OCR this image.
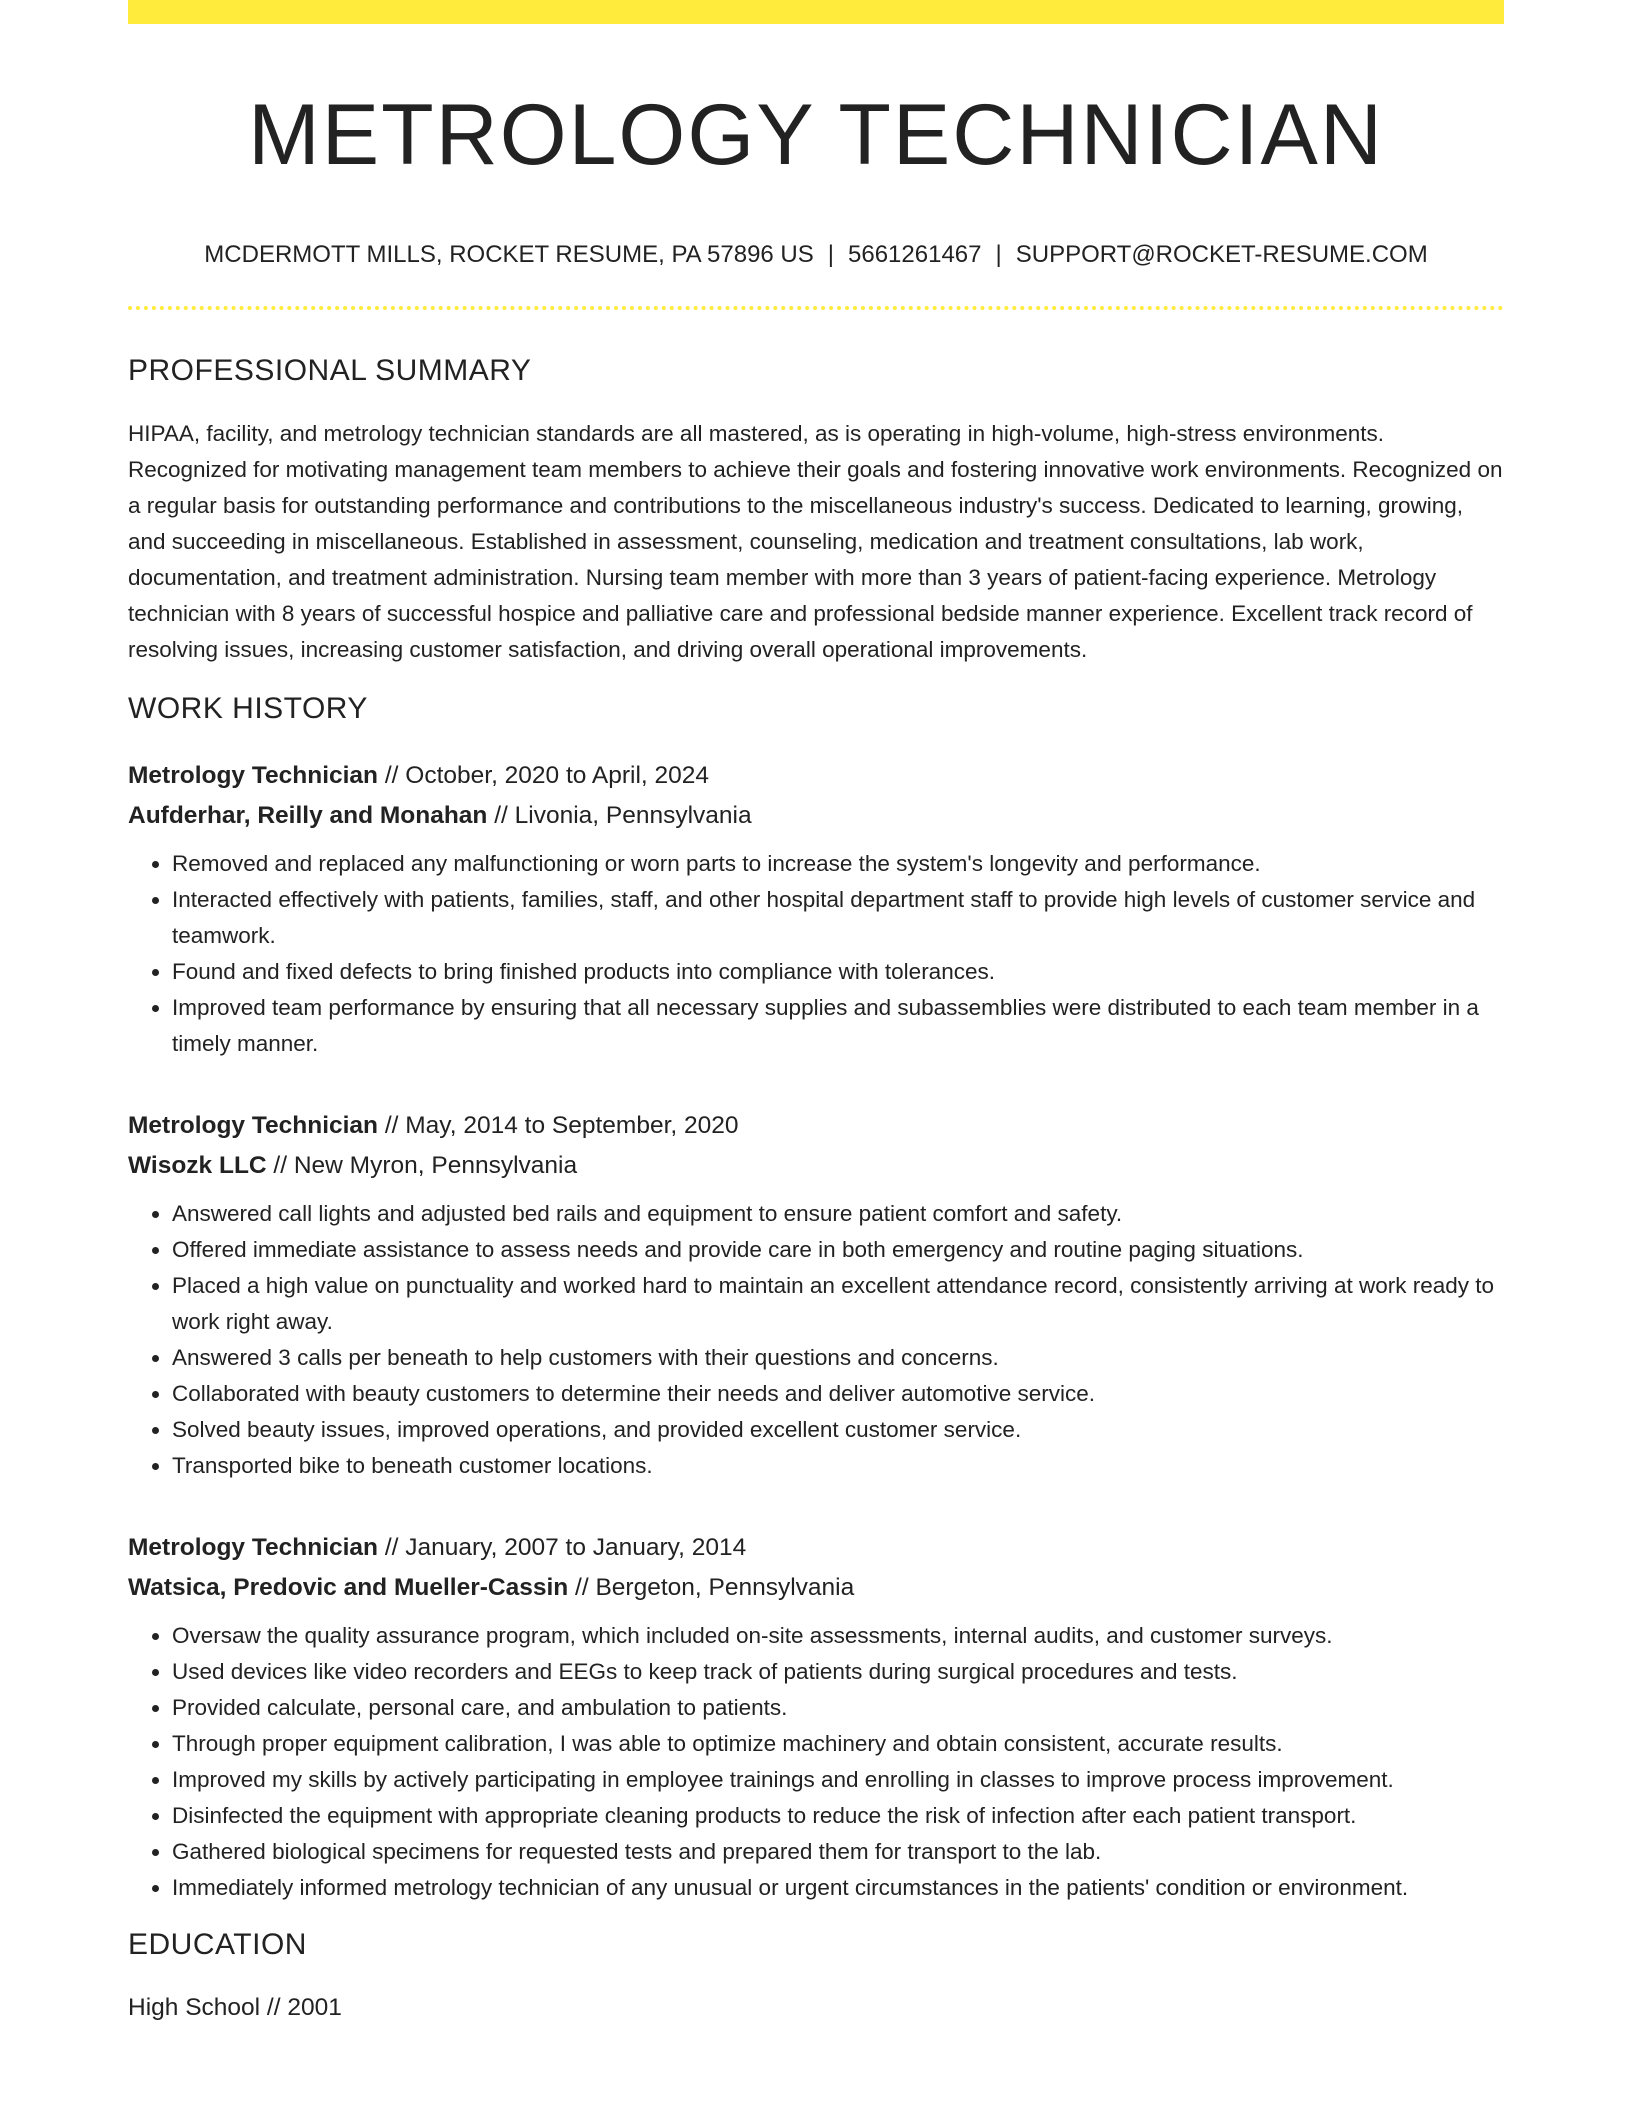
METROLOGY TECHNICIAN
MCDERMOTT MILLS, ROCKET RESUME, PA 57896 US | 5661261467 | SUPPORT@ROCKET-RESUME.COM
PROFESSIONAL SUMMARY

HIPAA, facility, and metrology technician standards are all mastered, as is operating in high-volume, high-stress environments. Recognized for motivating management team members to achieve their goals and fostering innovative work environments. Recognized on a regular basis for outstanding performance and contributions to the miscellaneous industry's success. Dedicated to learning, growing, and succeeding in miscellaneous. Established in assessment, counseling, medication and treatment consultations, lab work, documentation, and treatment administration. Nursing team member with more than 3 years of patient-facing experience. Metrology technician with 8 years of successful hospice and palliative care and professional bedside manner experience. Excellent track record of resolving issues, increasing customer satisfaction, and driving overall operational improvements.

WORK HISTORY
Metrology Technician // October, 2020 to April, 2024
Aufderhar, Reilly and Monahan // Livonia, Pennsylvania
• Removed and replaced any malfunctioning or worn parts to increase the system's longevity and performance.
• Interacted effectively with patients, families, staff, and other hospital department staff to provide high levels of customer service and teamwork.
• Found and fixed defects to bring finished products into compliance with tolerances.
• Improved team performance by ensuring that all necessary supplies and subassemblies were distributed to each team member in a timely manner.
Metrology Technician // May, 2014 to September, 2020
Wisozk LLC // New Myron, Pennsylvania
• Answered call lights and adjusted bed rails and equipment to ensure patient comfort and safety.
• Offered immediate assistance to assess needs and provide care in both emergency and routine paging situations.
• Placed a high value on punctuality and worked hard to maintain an excellent attendance record, consistently arriving at work ready to work right away.
• Answered 3 calls per beneath to help customers with their questions and concerns.
• Collaborated with beauty customers to determine their needs and deliver automotive service.
• Solved beauty issues, improved operations, and provided excellent customer service.
• Transported bike to beneath customer locations.
Metrology Technician // January, 2007 to January, 2014
Watsica, Predovic and Mueller-Cassin // Bergeton, Pennsylvania
• Oversaw the quality assurance program, which included on-site assessments, internal audits, and customer surveys.
• Used devices like video recorders and EEGs to keep track of patients during surgical procedures and tests.
• Provided calculate, personal care, and ambulation to patients.
• Through proper equipment calibration, I was able to optimize machinery and obtain consistent, accurate results.
• Improved my skills by actively participating in employee trainings and enrolling in classes to improve process improvement.
• Disinfected the equipment with appropriate cleaning products to reduce the risk of infection after each patient transport.
• Gathered biological specimens for requested tests and prepared them for transport to the lab.
• Immediately informed metrology technician of any unusual or urgent circumstances in the patients' condition or environment.
EDUCATION
High School // 2001
